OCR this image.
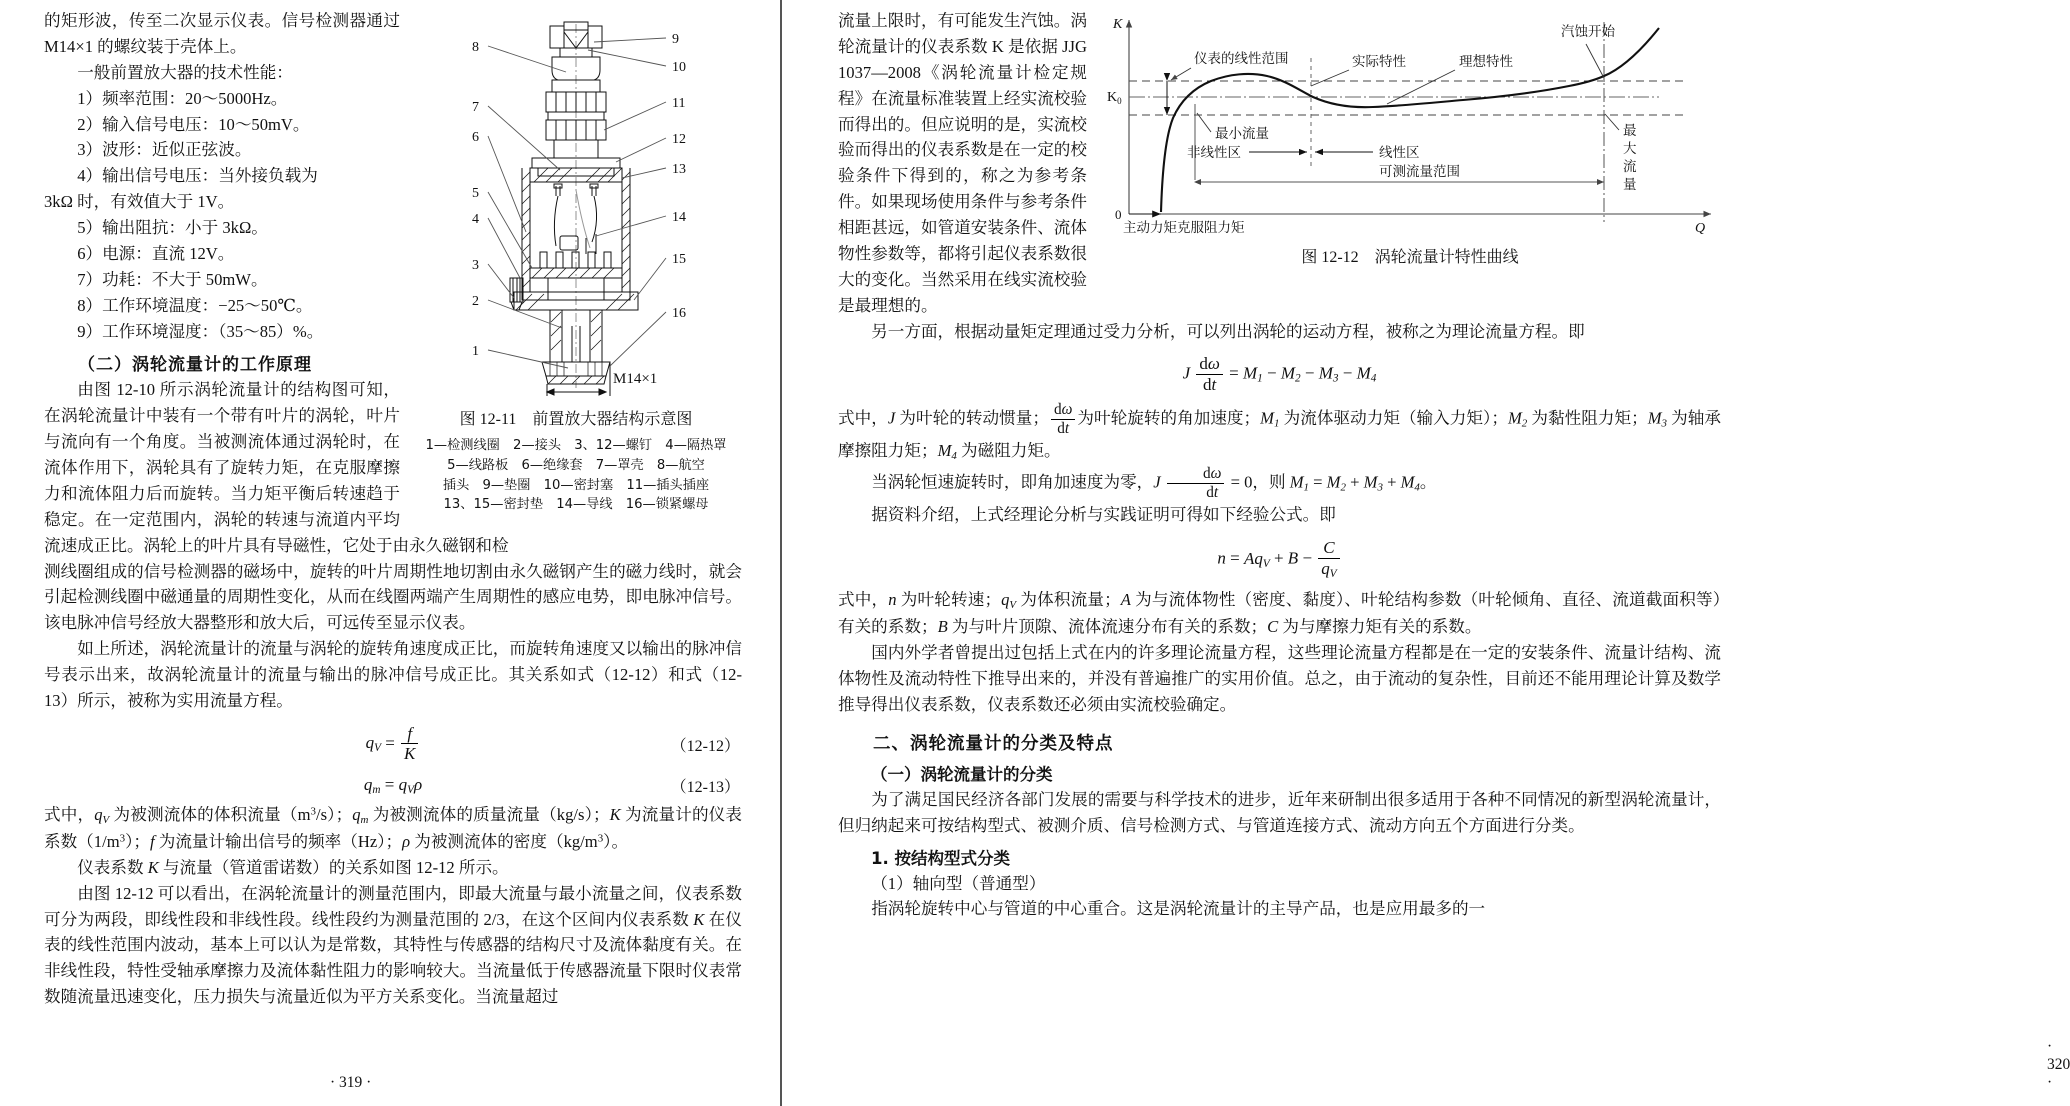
8
7
6
5
4
3
2
1
9
10
11
12
13
14
15
16
M14×1

图 12-11　前置放大器结构示意图

1—检测线圈　2—接头　3、12—螺钉　4—隔热罩
5—线路板　6—绝缘套　7—罩壳　8—航空
插头　9—垫圈　10—密封塞　11—插头插座
13、15—密封垫　14—导线　16—锁紧螺母

的矩形波，传至二次显示仪表。信号检测器通过 M14×1 的螺纹装于壳体上。

一般前置放大器的技术性能：

1）频率范围：20～5000Hz。

2）输入信号电压：10～50mV。

3）波形：近似正弦波。

4）输出信号电压：当外接负载为

3kΩ 时，有效值大于 1V。

5）输出阻抗：小于 3kΩ。

6）电源：直流 12V。

7）功耗：不大于 50mW。

8）工作环境温度：−25～50℃。

9）工作环境湿度：（35～85）%。

（二）涡轮流量计的工作原理

由图 12-10 所示涡轮流量计的结构图可知，在涡轮流量计中装有一个带有叶片的涡轮，叶片与流向有一个角度。当被测流体通过涡轮时，在流体作用下，涡轮具有了旋转力矩，在克服摩擦力和流体阻力后而旋转。当力矩平衡后转速趋于稳定。在一定范围内，涡轮的转速与流道内平均流速成正比。涡轮上的叶片具有导磁性，它处于由永久磁钢和检

测线圈组成的信号检测器的磁场中，旋转的叶片周期性地切割由永久磁钢产生的磁力线时，就会引起检测线圈中磁通量的周期性变化，从而在线圈两端产生周期性的感应电势，即电脉冲信号。该电脉冲信号经放大器整形和放大后，可远传至显示仪表。

如上所述，涡轮流量计的流量与涡轮的旋转角速度成正比，而旋转角速度又以输出的脉冲信号表示出来，故涡轮流量计的流量与输出的脉冲信号成正比。其关系如式（12-12）和式（12-13）所示，被称为实用流量方程。

$q_V = \frac{f}{K}$	（12-12）
$q_m = q_V\rho$	（12-13）

式中，$q_V$ 为被测流体的体积流量$(m^3/s)$；$q_m$ 为被测流体的质量流量（kg/s）；K 为流量计的仪表系数$(1/m^3)$；f 为流量计输出信号的频率（Hz）；ρ 为被测流体的密度$(kg/m^3)$。

仪表系数 K 与流量（管道雷诺数）的关系如图 12-12 所示。

由图 12-12 可以看出，在涡轮流量计的测量范围内，即最大流量与最小流量之间，仪表系数可分为两段，即线性段和非线性段。线性段约为测量范围的 2/3，在这个区间内仪表系数 K 在仪表的线性范围内波动，基本上可以认为是常数，其特性与传感器的结构尺寸及流体黏度有关。在非线性段，特性受轴承摩擦力及流体黏性阻力的影响较大。当流量低于传感器流量下限时仪表常数随流量迅速变化，压力损失与流量近似为平方关系变化。当流量超过

· 319 ·
K
Q
0
$K_0$
仪表的线性范围	实际特性	理想特性
汽蚀开始
最小流量
非线性区	线性区
可测流量范围
最
大
流
量
主动力矩克服阻力矩

图 12-12　涡轮流量计特性曲线

流量上限时，有可能发生汽蚀。涡轮流量计的仪表系数 K 是依据 JJG 1037—2008《涡轮流量计检定规程》在流量标准装置上经实流校验而得出的。但应说明的是，实流校验而得出的仪表系数是在一定的校验条件下得到的，称之为参考条件。如果现场使用条件与参考条件相距甚远，如管道安装条件、流体物性参数等，都将引起仪表系数很大的变化。当然采用在线实流校验是最理想的。

另一方面，根据动量矩定理通过受力分析，可以列出涡轮的运动方程，被称之为理论流量方程。即

J $\frac{d\omega}{dt} = M_1 - M_2 - M_3 - M_4$

式中，J 为叶轮的转动惯量； $\frac{d\omega}{dt}$ 为叶轮旋转的角加速度；$M_1$ 为流体驱动力矩（输入力矩）；$M_2$ 为黏性阻力矩；$M_3$ 为轴承摩擦阻力矩；$M_4$ 为磁阻力矩。

当涡轮恒速旋转时，即角加速度为零，J $\frac{d\omega}{dt} = 0$，则 $M_1 = M_2 + M_3 + M_4$。

据资料介绍，上式经理论分析与实践证明可得如下经验公式。即

$n = Aq_V + B - \frac{C}{q_V}$

式中，n 为叶轮转速；$q_V$ 为体积流量；A 为与流体物性（密度、黏度）、叶轮结构参数（叶轮倾角、直径、流道截面积等）有关的系数；B 为与叶片顶隙、流体流速分布有关的系数；C 为与摩擦力矩有关的系数。

国内外学者曾提出过包括上式在内的许多理论流量方程，这些理论流量方程都是在一定的安装条件、流量计结构、流体物性及流动特性下推导出来的，并没有普遍推广的实用价值。总之，由于流动的复杂性，目前还不能用理论计算及数学推导得出仪表系数，仪表系数还必须由实流校验确定。

二、涡轮流量计的分类及特点
（一）涡轮流量计的分类

为了满足国民经济各部门发展的需要与科学技术的进步，近年来研制出很多适用于各种不同情况的新型涡轮流量计，但归纳起来可按结构型式、被测介质、信号检测方式、与管道连接方式、流动方向五个方面进行分类。

1. 按结构型式分类

（1）轴向型（普通型）

指涡轮旋转中心与管道的中心重合。这是涡轮流量计的主导产品，也是应用最多的一

· 320 ·
